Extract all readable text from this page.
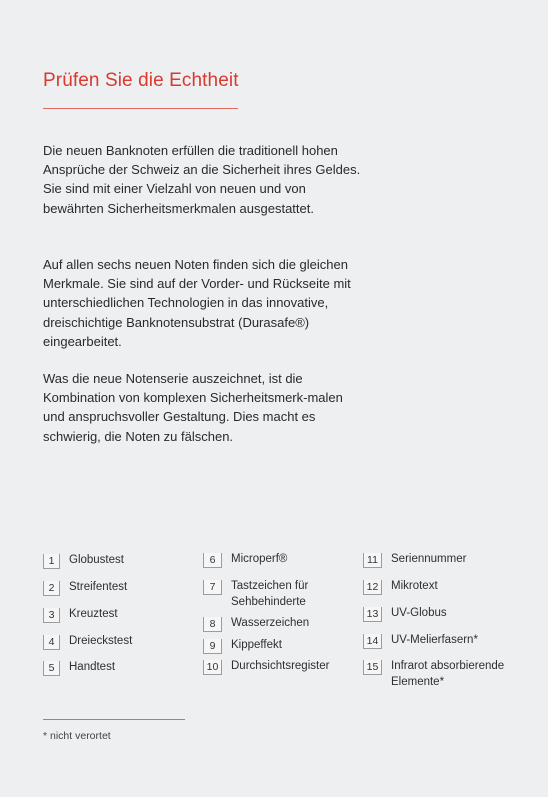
Prüfen Sie die Echtheit

Die neuen Banknoten erfüllen die traditionell hohen Ansprüche der Schweiz an die Sicherheit ihres Geldes. Sie sind mit einer Vielzahl von neuen und von bewährten Sicherheitsmerkmalen ausgestattet.

Auf allen sechs neuen Noten finden sich die gleichen Merkmale. Sie sind auf der Vorder- und Rückseite mit unterschiedlichen Technologien in das innovative, dreischichtige Banknotensubstrat (Durasafe®) eingearbeitet.

Was die neue Notenserie auszeichnet, ist die Kombination von komplexen Sicherheitsmerk-malen und anspruchsvoller Gestaltung. Dies macht es schwierig, die Noten zu fälschen.

1	Globustest
2	Streifentest
3	Kreuztest
4	Dreieckstest
5	Handtest
6	Microperf®
7	Tastzeichen für Sehbehinderte
8	Wasserzeichen
9	Kippeffekt
10	Durchsichtsregister
11	Seriennummer
12	Mikrotext
13	UV-Globus
14	UV-Melierfasern*
15	Infrarot absorbierende Elemente*
* nicht verortet
